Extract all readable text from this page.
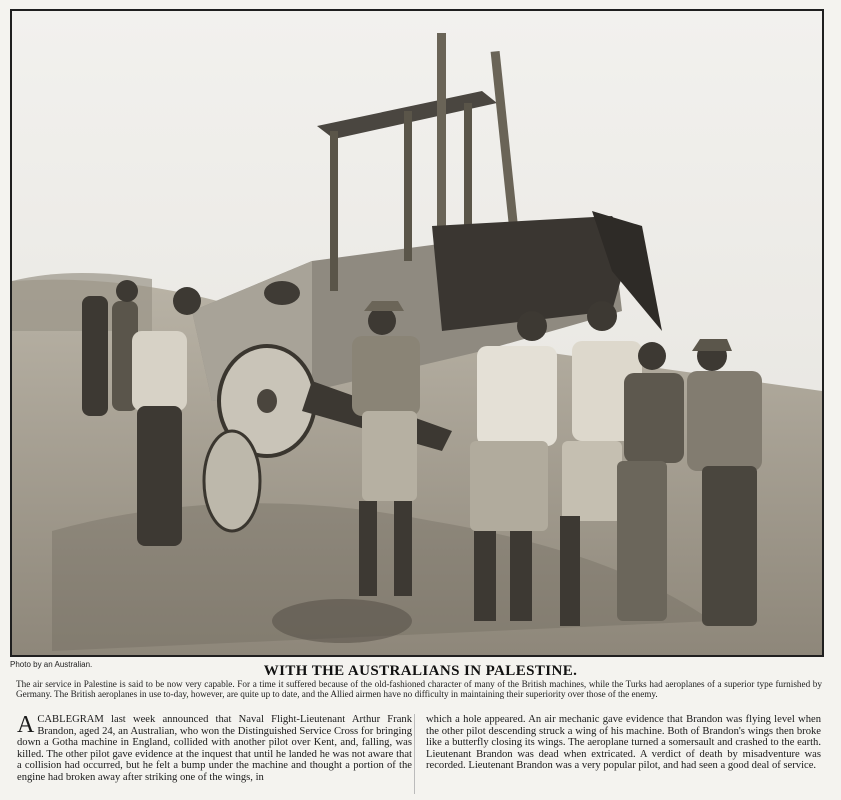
Photo by an Australian.	WITH THE AUSTRALIANS IN PALESTINE.
The air service in Palestine is said to be now very capable. For a time it suffered because of the old-fashioned character of many of the British machines, while the Turks had aeroplanes of a superior type furnished by Germany. The British aeroplanes in use to-day, however, are quite up to date, and the Allied airmen have no difficulty in maintaining their superiority over those of the enemy.
ACABLEGRAM last week announced that Naval Flight-Lieutenant Arthur Frank Brandon, aged 24, an Australian, who won the Distinguished Service Cross for bringing down a Gotha machine in England, collided with another pilot over Kent, and, falling, was killed. The other pilot gave evidence at the inquest that until he landed he was not aware that a collision had occurred, but he felt a bump under the machine and thought a portion of the engine had broken away after striking one of the wings, in
which a hole appeared. An air mechanic gave evidence that Brandon was flying level when the other pilot descending struck a wing of his machine. Both of Brandon's wings then broke like a butterfly closing its wings. The aeroplane turned a somersault and crashed to the earth. Lieutenant Brandon was dead when extricated. A verdict of death by misadventure was recorded. Lieutenant Brandon was a very popular pilot, and had seen a good deal of service.
